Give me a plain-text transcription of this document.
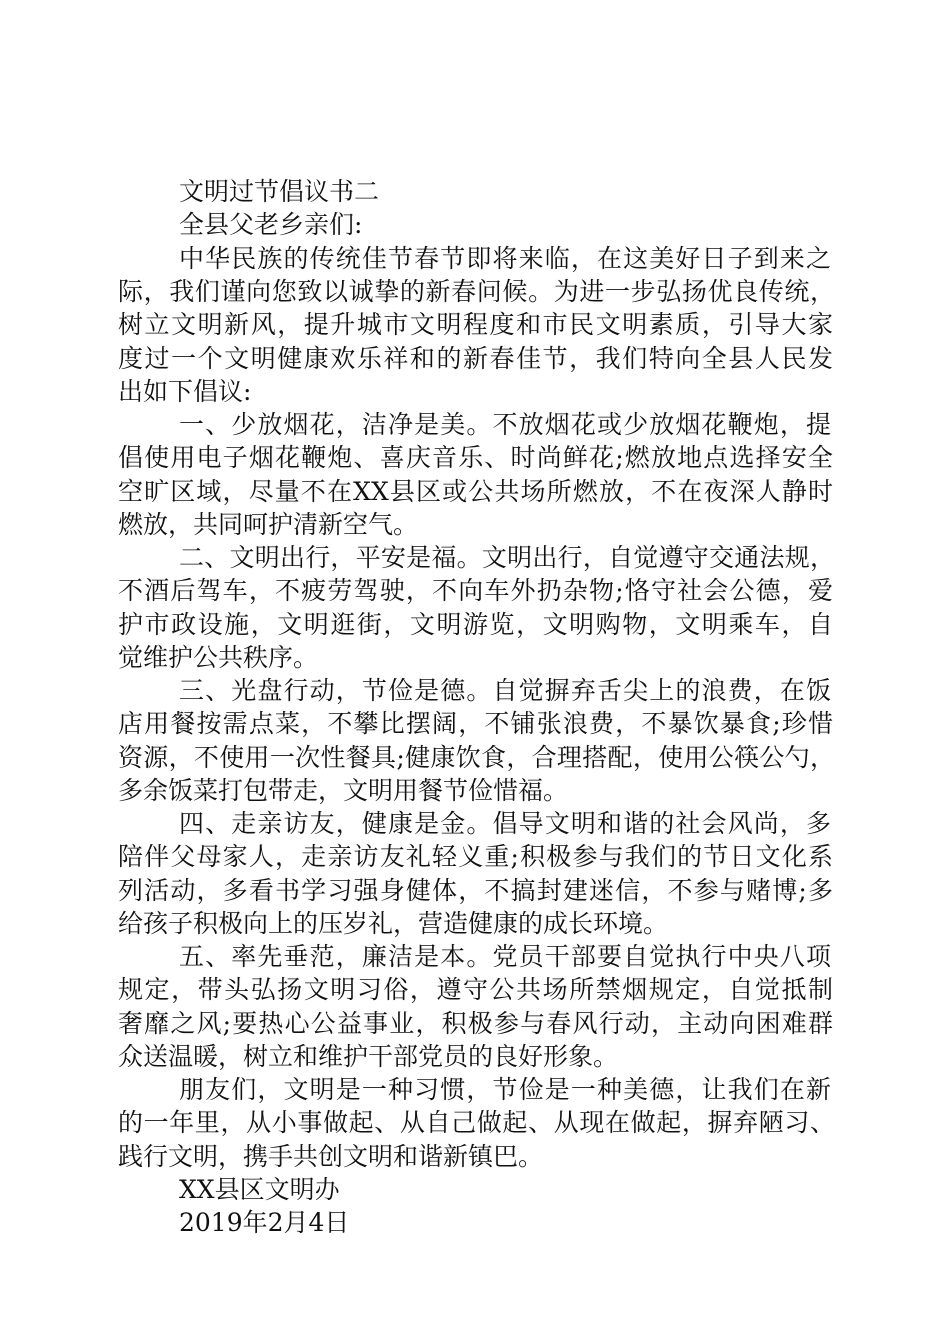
文明过节倡议书二
全县父老乡亲们:
中华民族的传统佳节春节即将来临，在这美好日子到来之
际，我们谨向您致以诚挚的新春问候。为进一步弘扬优良传统，
树立文明新风，提升城市文明程度和市民文明素质，引导大家
度过一个文明健康欢乐祥和的新春佳节，我们特向全县人民发
出如下倡议:
一、少放烟花，洁净是美。不放烟花或少放烟花鞭炮，提
倡使用电子烟花鞭炮、喜庆音乐、时尚鲜花;燃放地点选择安全
空旷区域，尽量不在XX县区或公共场所燃放，不在夜深人静时
燃放，共同呵护清新空气。
二、文明出行，平安是福。文明出行，自觉遵守交通法规，
不酒后驾车，不疲劳驾驶，不向车外扔杂物;恪守社会公德，爱
护市政设施，文明逛街，文明游览，文明购物，文明乘车，自
觉维护公共秩序。
三、光盘行动，节俭是德。自觉摒弃舌尖上的浪费，在饭
店用餐按需点菜，不攀比摆阔，不铺张浪费，不暴饮暴食;珍惜
资源，不使用一次性餐具;健康饮食，合理搭配，使用公筷公勺，
多余饭菜打包带走，文明用餐节俭惜福。
四、走亲访友，健康是金。倡导文明和谐的社会风尚，多
陪伴父母家人，走亲访友礼轻义重;积极参与我们的节日文化系
列活动，多看书学习强身健体，不搞封建迷信，不参与赌博;多
给孩子积极向上的压岁礼，营造健康的成长环境。
五、率先垂范，廉洁是本。党员干部要自觉执行中央八项
规定，带头弘扬文明习俗，遵守公共场所禁烟规定，自觉抵制
奢靡之风;要热心公益事业，积极参与春风行动，主动向困难群
众送温暖，树立和维护干部党员的良好形象。
朋友们，文明是一种习惯，节俭是一种美德，让我们在新
的一年里，从小事做起、从自己做起、从现在做起，摒弃陋习、
践行文明，携手共创文明和谐新镇巴。
XX县区文明办
2019年2月4日
